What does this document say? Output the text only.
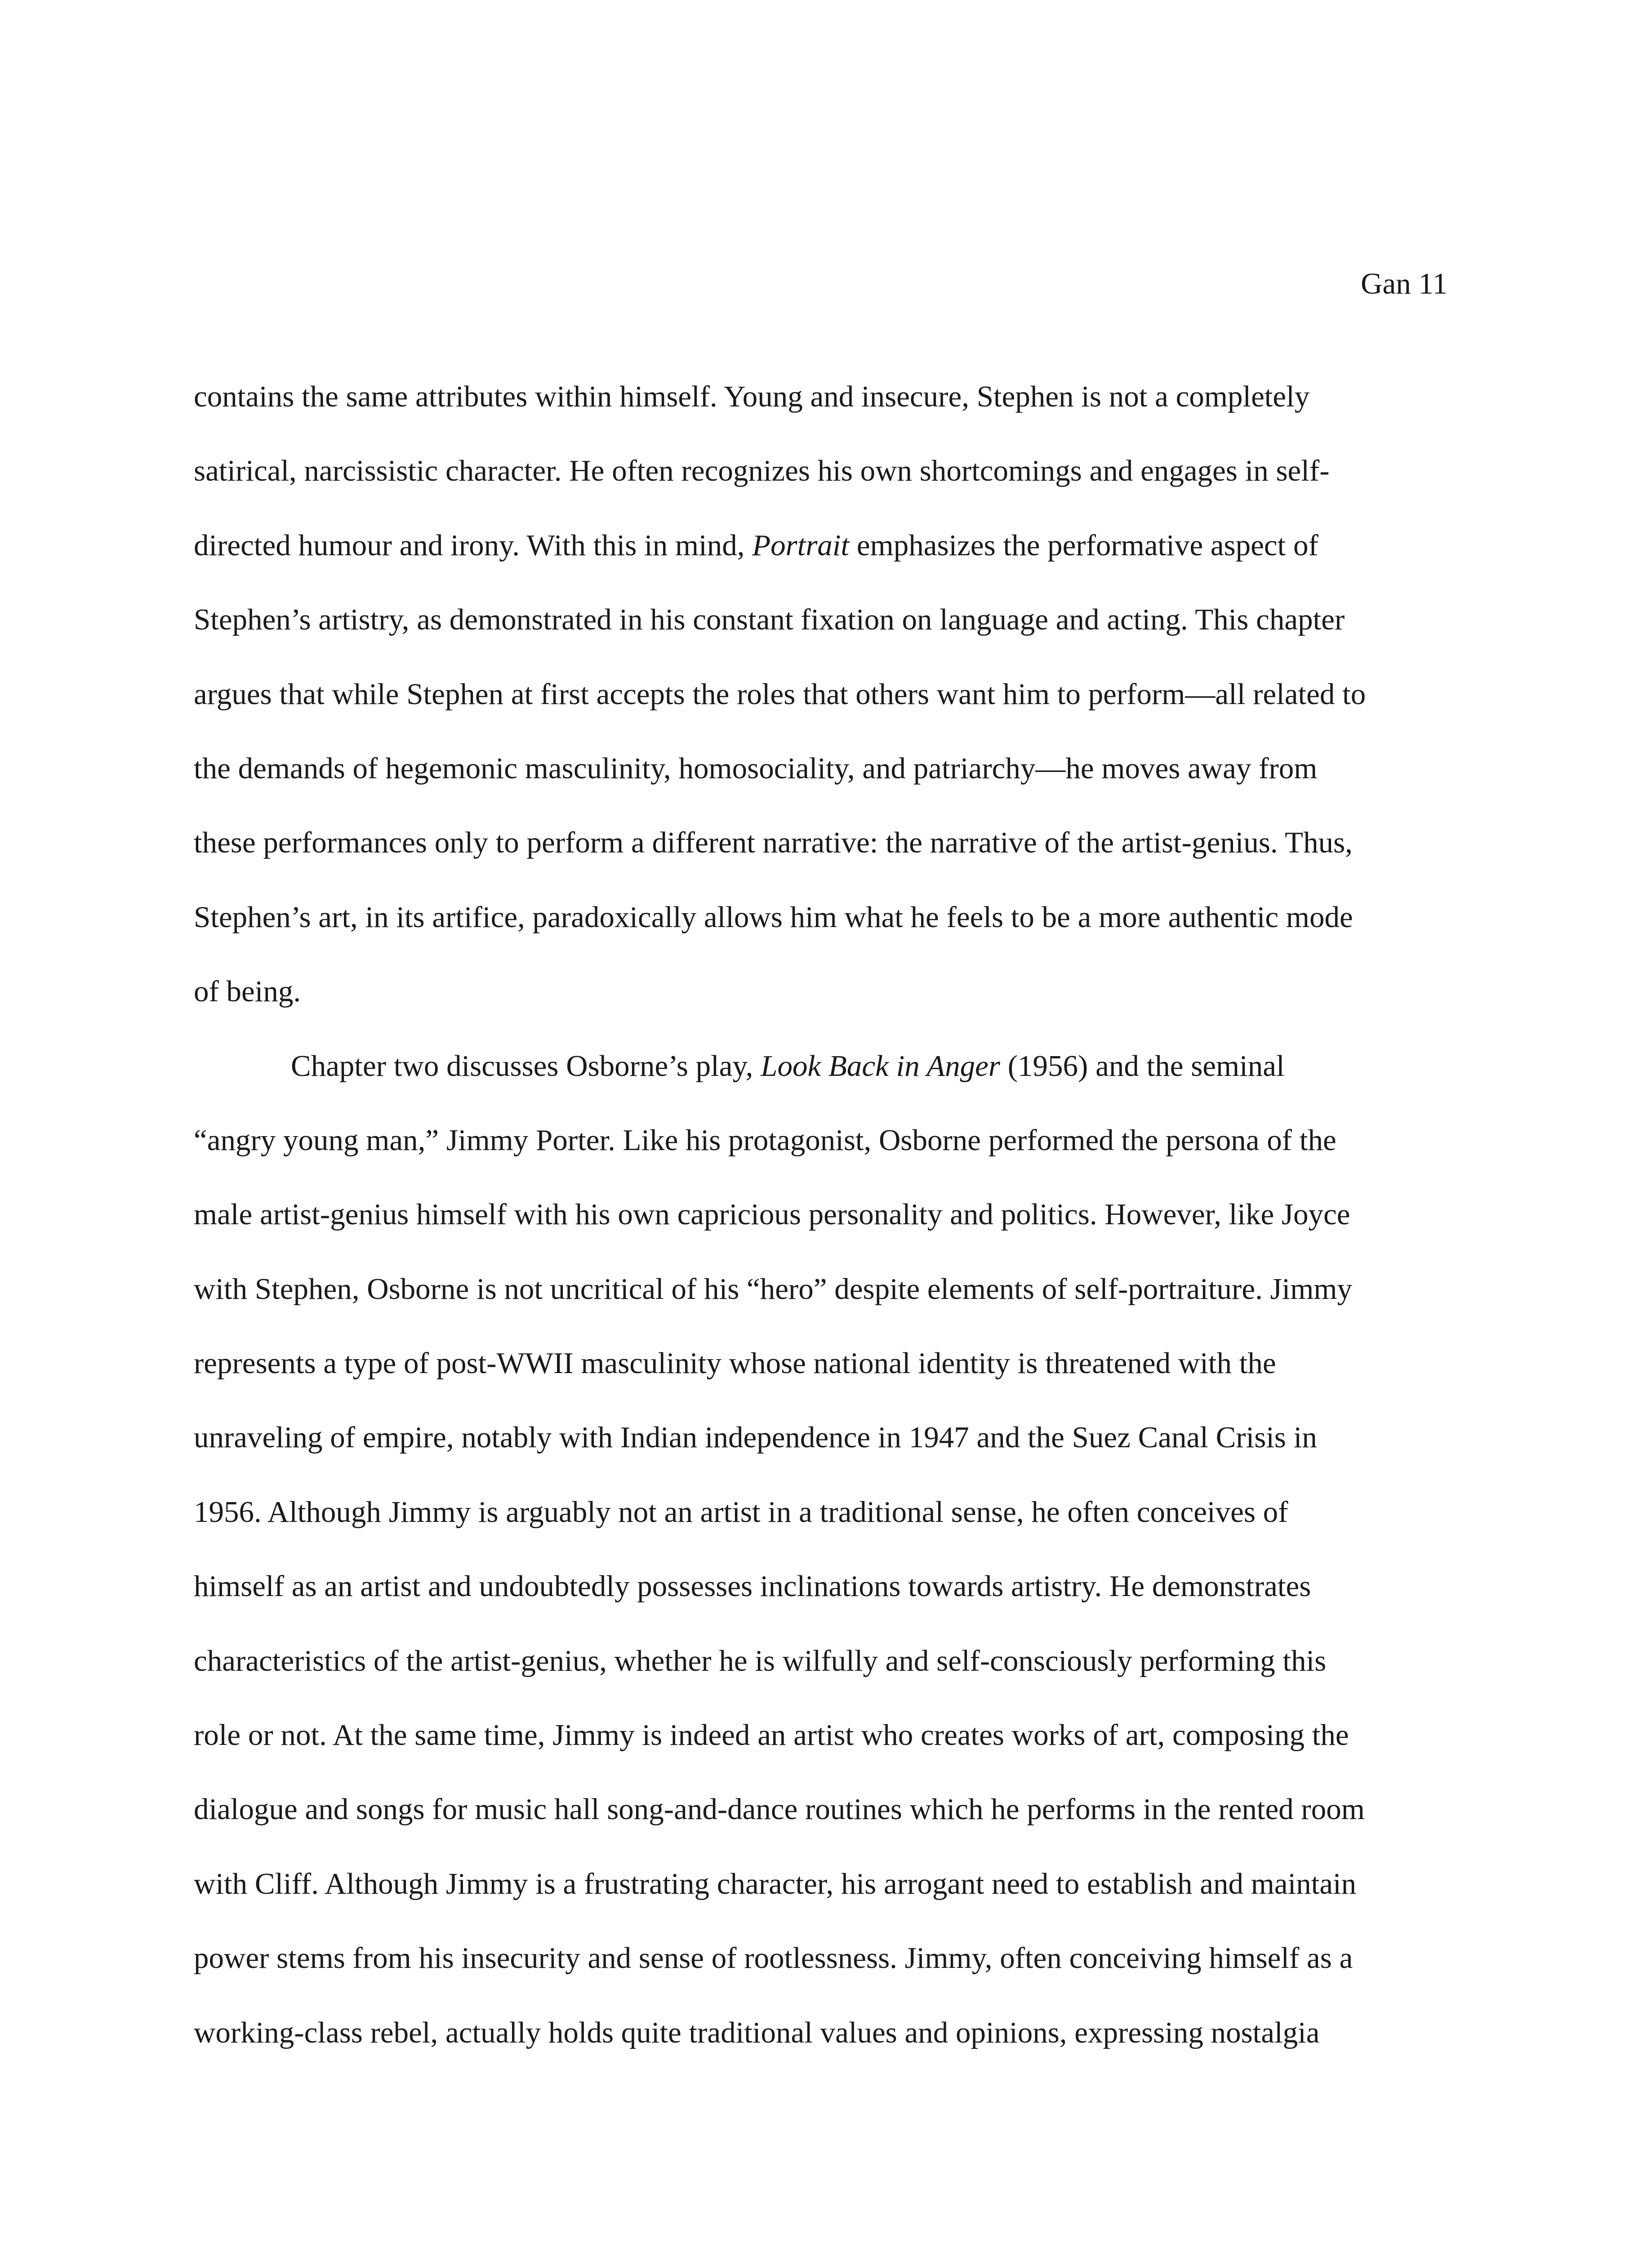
Gan 11
contains the same attributes within himself. Young and insecure, Stephen is not a completely
satirical, narcissistic character. He often recognizes his own shortcomings and engages in self-
directed humour and irony. With this in mind, Portrait emphasizes the performative aspect of
Stephen’s artistry, as demonstrated in his constant fixation on language and acting. This chapter
argues that while Stephen at first accepts the roles that others want him to perform—all related to
the demands of hegemonic masculinity, homosociality, and patriarchy—he moves away from
these performances only to perform a different narrative: the narrative of the artist-genius. Thus,
Stephen’s art, in its artifice, paradoxically allows him what he feels to be a more authentic mode
of being.
Chapter two discusses Osborne’s play, Look Back in Anger (1956) and the seminal
“angry young man,” Jimmy Porter. Like his protagonist, Osborne performed the persona of the
male artist-genius himself with his own capricious personality and politics. However, like Joyce
with Stephen, Osborne is not uncritical of his “hero” despite elements of self-portraiture. Jimmy
represents a type of post-WWII masculinity whose national identity is threatened with the
unraveling of empire, notably with Indian independence in 1947 and the Suez Canal Crisis in
1956. Although Jimmy is arguably not an artist in a traditional sense, he often conceives of
himself as an artist and undoubtedly possesses inclinations towards artistry. He demonstrates
characteristics of the artist-genius, whether he is wilfully and self-consciously performing this
role or not. At the same time, Jimmy is indeed an artist who creates works of art, composing the
dialogue and songs for music hall song-and-dance routines which he performs in the rented room
with Cliff. Although Jimmy is a frustrating character, his arrogant need to establish and maintain
power stems from his insecurity and sense of rootlessness. Jimmy, often conceiving himself as a
working-class rebel, actually holds quite traditional values and opinions, expressing nostalgia
